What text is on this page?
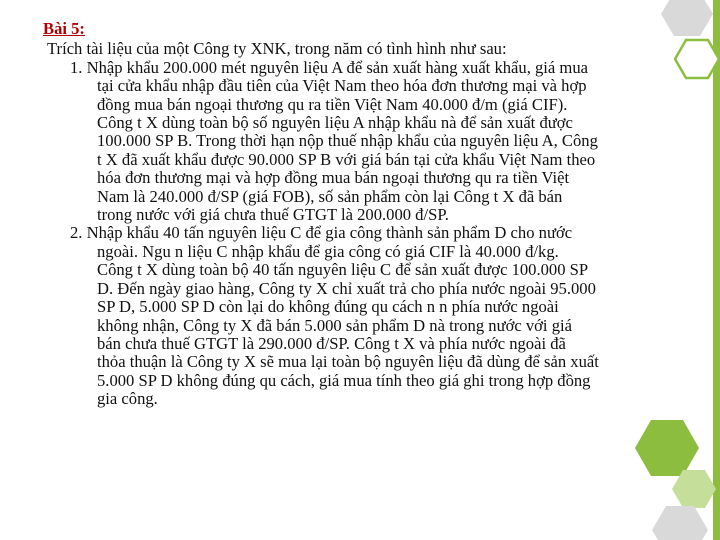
Bài 5:
Trích tài liệu của một Công ty XNK, trong năm có tình hình như sau:
1. Nhập khẩu 200.000 mét nguyên liệu A để sản xuất hàng xuất khẩu, giá mua
tại cửa khẩu nhập đầu tiên của Việt Nam theo hóa đơn thương mại và hợp
đồng mua bán ngoại thương qu ra tiền Việt Nam 40.000 đ/m (giá CIF).
Công t X dùng toàn bộ số nguyên liệu A nhập khẩu nà để sản xuất được
100.000 SP B. Trong thời hạn nộp thuế nhập khẩu của nguyên liệu A, Công
t X đã xuất khẩu được 90.000 SP B với giá bán tại cửa khẩu Việt Nam theo
hóa đơn thương mại và hợp đồng mua bán ngoại thương qu ra tiền Việt
Nam là 240.000 đ/SP (giá FOB), số sản phẩm còn lại Công t X đã bán
trong nước với giá chưa thuế GTGT là 200.000 đ/SP.
2. Nhập khẩu 40 tấn nguyên liệu C để gia công thành sản phẩm D cho nước
ngoài. Ngu n liệu C nhập khẩu để gia công có giá CIF là 40.000 đ/kg.
Công t X dùng toàn bộ 40 tấn nguyên liệu C để sản xuất được 100.000 SP
D. Đến ngày giao hàng, Công ty X chỉ xuất trả cho phía nước ngoài 95.000
SP D, 5.000 SP D còn lại do không đúng qu cách n n phía nước ngoài
không nhận, Công ty X đã bán 5.000 sản phẩm D nà trong nước với giá
bán chưa thuế GTGT là 290.000 đ/SP. Công t X và phía nước ngoài đã
thỏa thuận là Công ty X sẽ mua lại toàn bộ nguyên liệu đã dùng để sản xuất
5.000 SP D không đúng qu cách, giá mua tính theo giá ghi trong hợp đồng
gia công.
